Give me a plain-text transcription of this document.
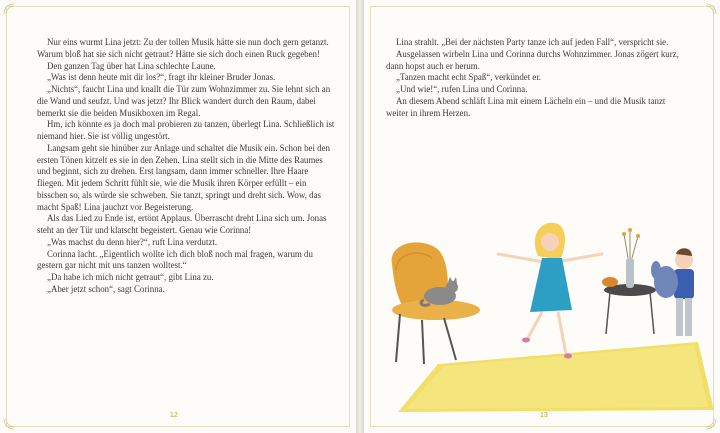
Nur eins wurmt Lina jetzt: Zu der tollen Musik hätte sie nun doch gern getanzt. Warum bloß hat sie sich nicht getraut? Hätte sie sich doch einen Ruck gegeben!

Den ganzen Tag über hat Lina schlechte Laune.

„Was ist denn heute mit dir los?“, fragt ihr kleiner Bruder Jonas.

„Nichts“, faucht Lina und knallt die Tür zum Wohnzimmer zu. Sie lehnt sich an die Wand und seufzt. Und was jetzt? Ihr Blick wandert durch den Raum, dabei bemerkt sie die beiden Musikboxen im Regal.

Hm, ich könnte es ja doch mal probieren zu tanzen, überlegt Lina. Schließlich ist niemand hier. Sie ist völlig ungestört.

Langsam geht sie hinüber zur Anlage und schaltet die Musik ein. Schon bei den ersten Tönen kitzelt es sie in den Zehen. Lina stellt sich in die Mitte des Raumes und beginnt, sich zu drehen. Erst langsam, dann immer schneller. Ihre Haare fliegen. Mit jedem Schritt fühlt sie, wie die Musik ihren Körper erfüllt – ein bisschen so, als würde sie schweben. Sie tanzt, springt und dreht sich. Wow, das macht Spaß! Lina jauchzt vor Begeisterung.

Als das Lied zu Ende ist, ertönt Applaus. Überrascht dreht Lina sich um. Jonas steht an der Tür und klatscht begeistert. Genau wie Corinna!

„Was machst du denn hier?“, ruft Lina verdutzt.

Corinna lacht. „Eigentlich wollte ich dich bloß noch mal fragen, warum du gestern gar nicht mit uns tanzen wolltest.“

„Da habe ich mich nicht getraut“, gibt Lina zu.

„Aber jetzt schon“, sagt Corinna.

12

Lina strahlt. „Bei der nächsten Party tanze ich auf jeden Fall“, verspricht sie.

Ausgelassen wirbeln Lina und Corinna durchs Wohnzimmer. Jonas zögert kurz, dann hopst auch er herum.

„Tanzen macht echt Spaß“, verkündet er.

„Und wie!“, rufen Lina und Corinna.

An diesem Abend schläft Lina mit einem Lächeln ein – und die Musik tanzt weiter in ihrem Herzen.

13
